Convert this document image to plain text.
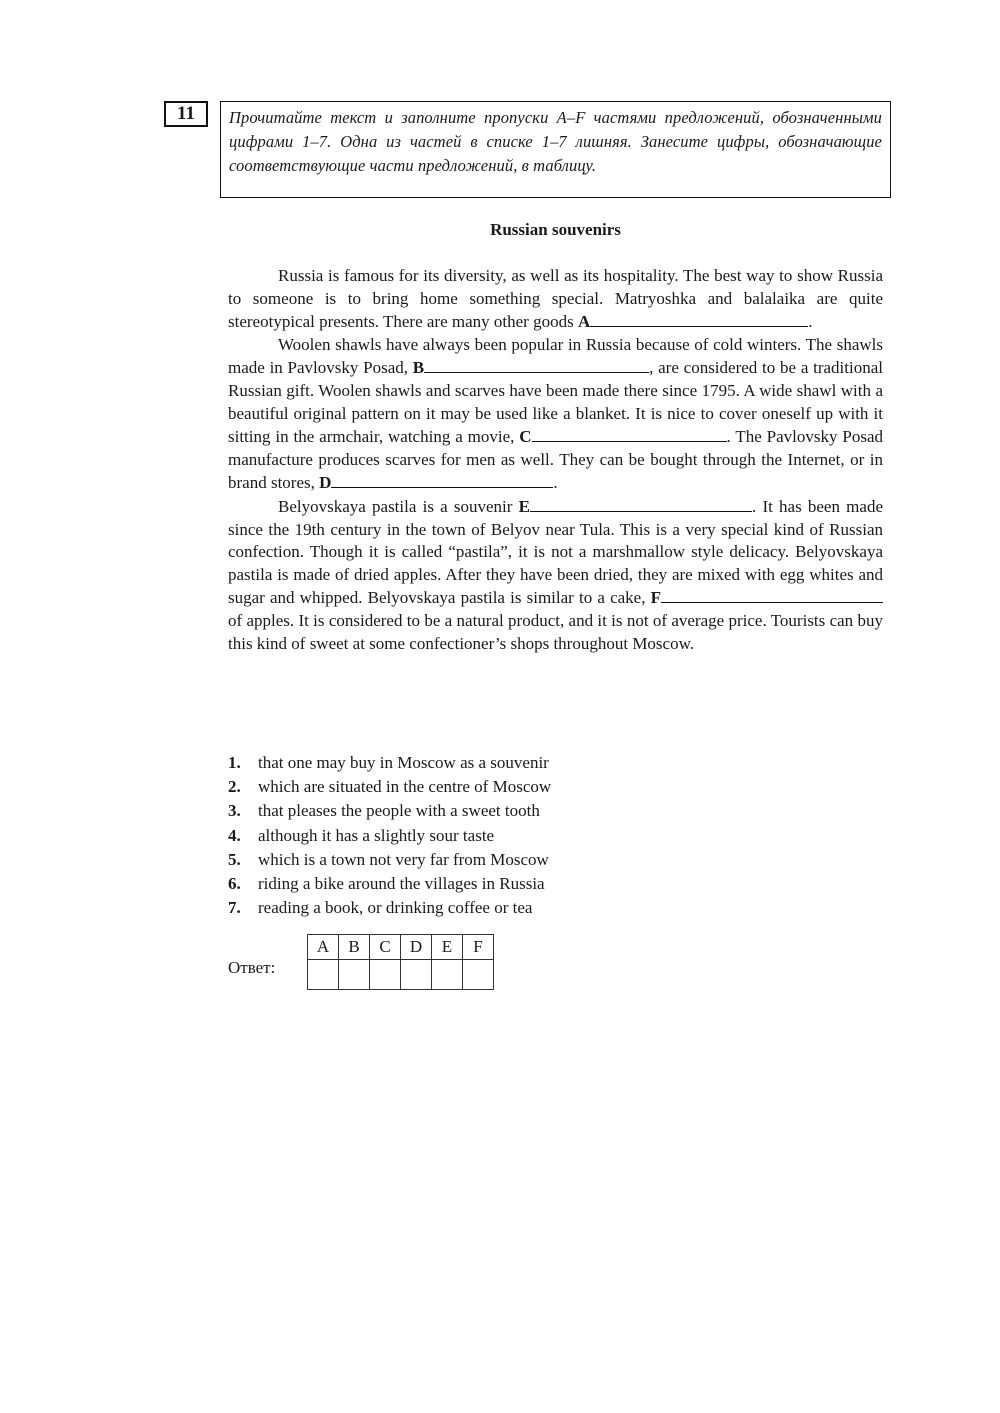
11	Прочитайте текст и заполните пропуски A–F частями предложений, обозначенными цифрами 1–7. Одна из частей в списке 1–7 лишняя. Занесите цифры, обозначающие соответствующие части предложений, в таблицу.
Russian souvenirs

Russia is famous for its diversity, as well as its hospitality. The best way to show Russia to someone is to bring home something special. Matryoshka and balalaika are quite stereotypical presents. There are many other goods A	.

Woolen shawls have always been popular in Russia because of cold winters. The shawls made in Pavlovsky Posad, B	, are considered to be a traditional Russian gift. Woolen shawls and scarves have been made there since 1795. A wide shawl with a beautiful original pattern on it may be used like a blanket. It is nice to cover oneself up with it sitting in the armchair, watching a movie, C	. The Pavlovsky Posad manufacture produces scarves for men as well. They can be bought through the Internet, or in brand stores, D	.

Belyovskaya pastila is a souvenir E	. It has been made since the 19th century in the town of Belyov near Tula. This is a very special kind of Russian confection. Though it is called “pastila”, it is not a marshmallow style delicacy. Belyovskaya pastila is made of dried apples. After they have been dried, they are mixed with egg whites and sugar and whipped. Belyovskaya pastila is similar to a cake, F of apples. It is considered to be a natural product, and it is not of average price. Tourists can buy this kind of sweet at some confectioner’s shops throughout Moscow.

1. that one may buy in Moscow as a souvenir
2. which are situated in the centre of Moscow
3. that pleases the people with a sweet tooth
4. although it has a slightly sour taste
5. which is a town not very far from Moscow
6. riding a bike around the villages in Russia
7. reading a book, or drinking coffee or tea
Ответ:
A	B	C	D	E	F
